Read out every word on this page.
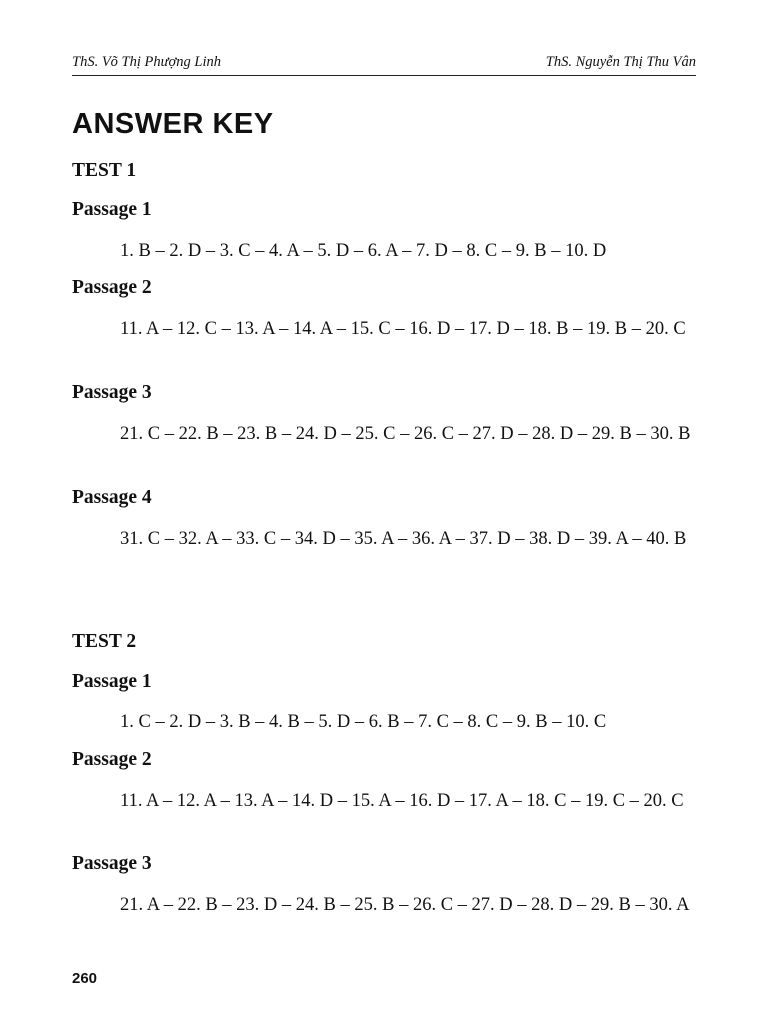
ThS. Võ Thị Phượng Linh	ThS. Nguyễn Thị Thu Vân
ANSWER KEY

TEST 1

Passage 1

1. B – 2. D – 3. C – 4. A – 5. D – 6. A – 7. D – 8. C – 9. B – 10. D

Passage 2

11. A – 12. C – 13. A – 14. A – 15. C – 16. D – 17. D – 18. B – 19. B – 20. C

Passage 3

21. C – 22. B – 23. B – 24. D – 25. C – 26. C – 27. D – 28. D – 29. B – 30. B

Passage 4

31. C – 32. A – 33. C – 34. D – 35. A – 36. A – 37. D – 38. D – 39. A – 40. B

TEST 2

Passage 1

1. C – 2. D – 3. B – 4. B – 5. D – 6. B – 7. C – 8. C – 9. B – 10. C

Passage 2

11. A – 12. A – 13. A – 14. D – 15. A – 16. D – 17. A – 18. C – 19. C – 20. C

Passage 3

21. A – 22. B – 23. D – 24. B – 25. B – 26. C – 27. D – 28. D – 29. B – 30. A

260
